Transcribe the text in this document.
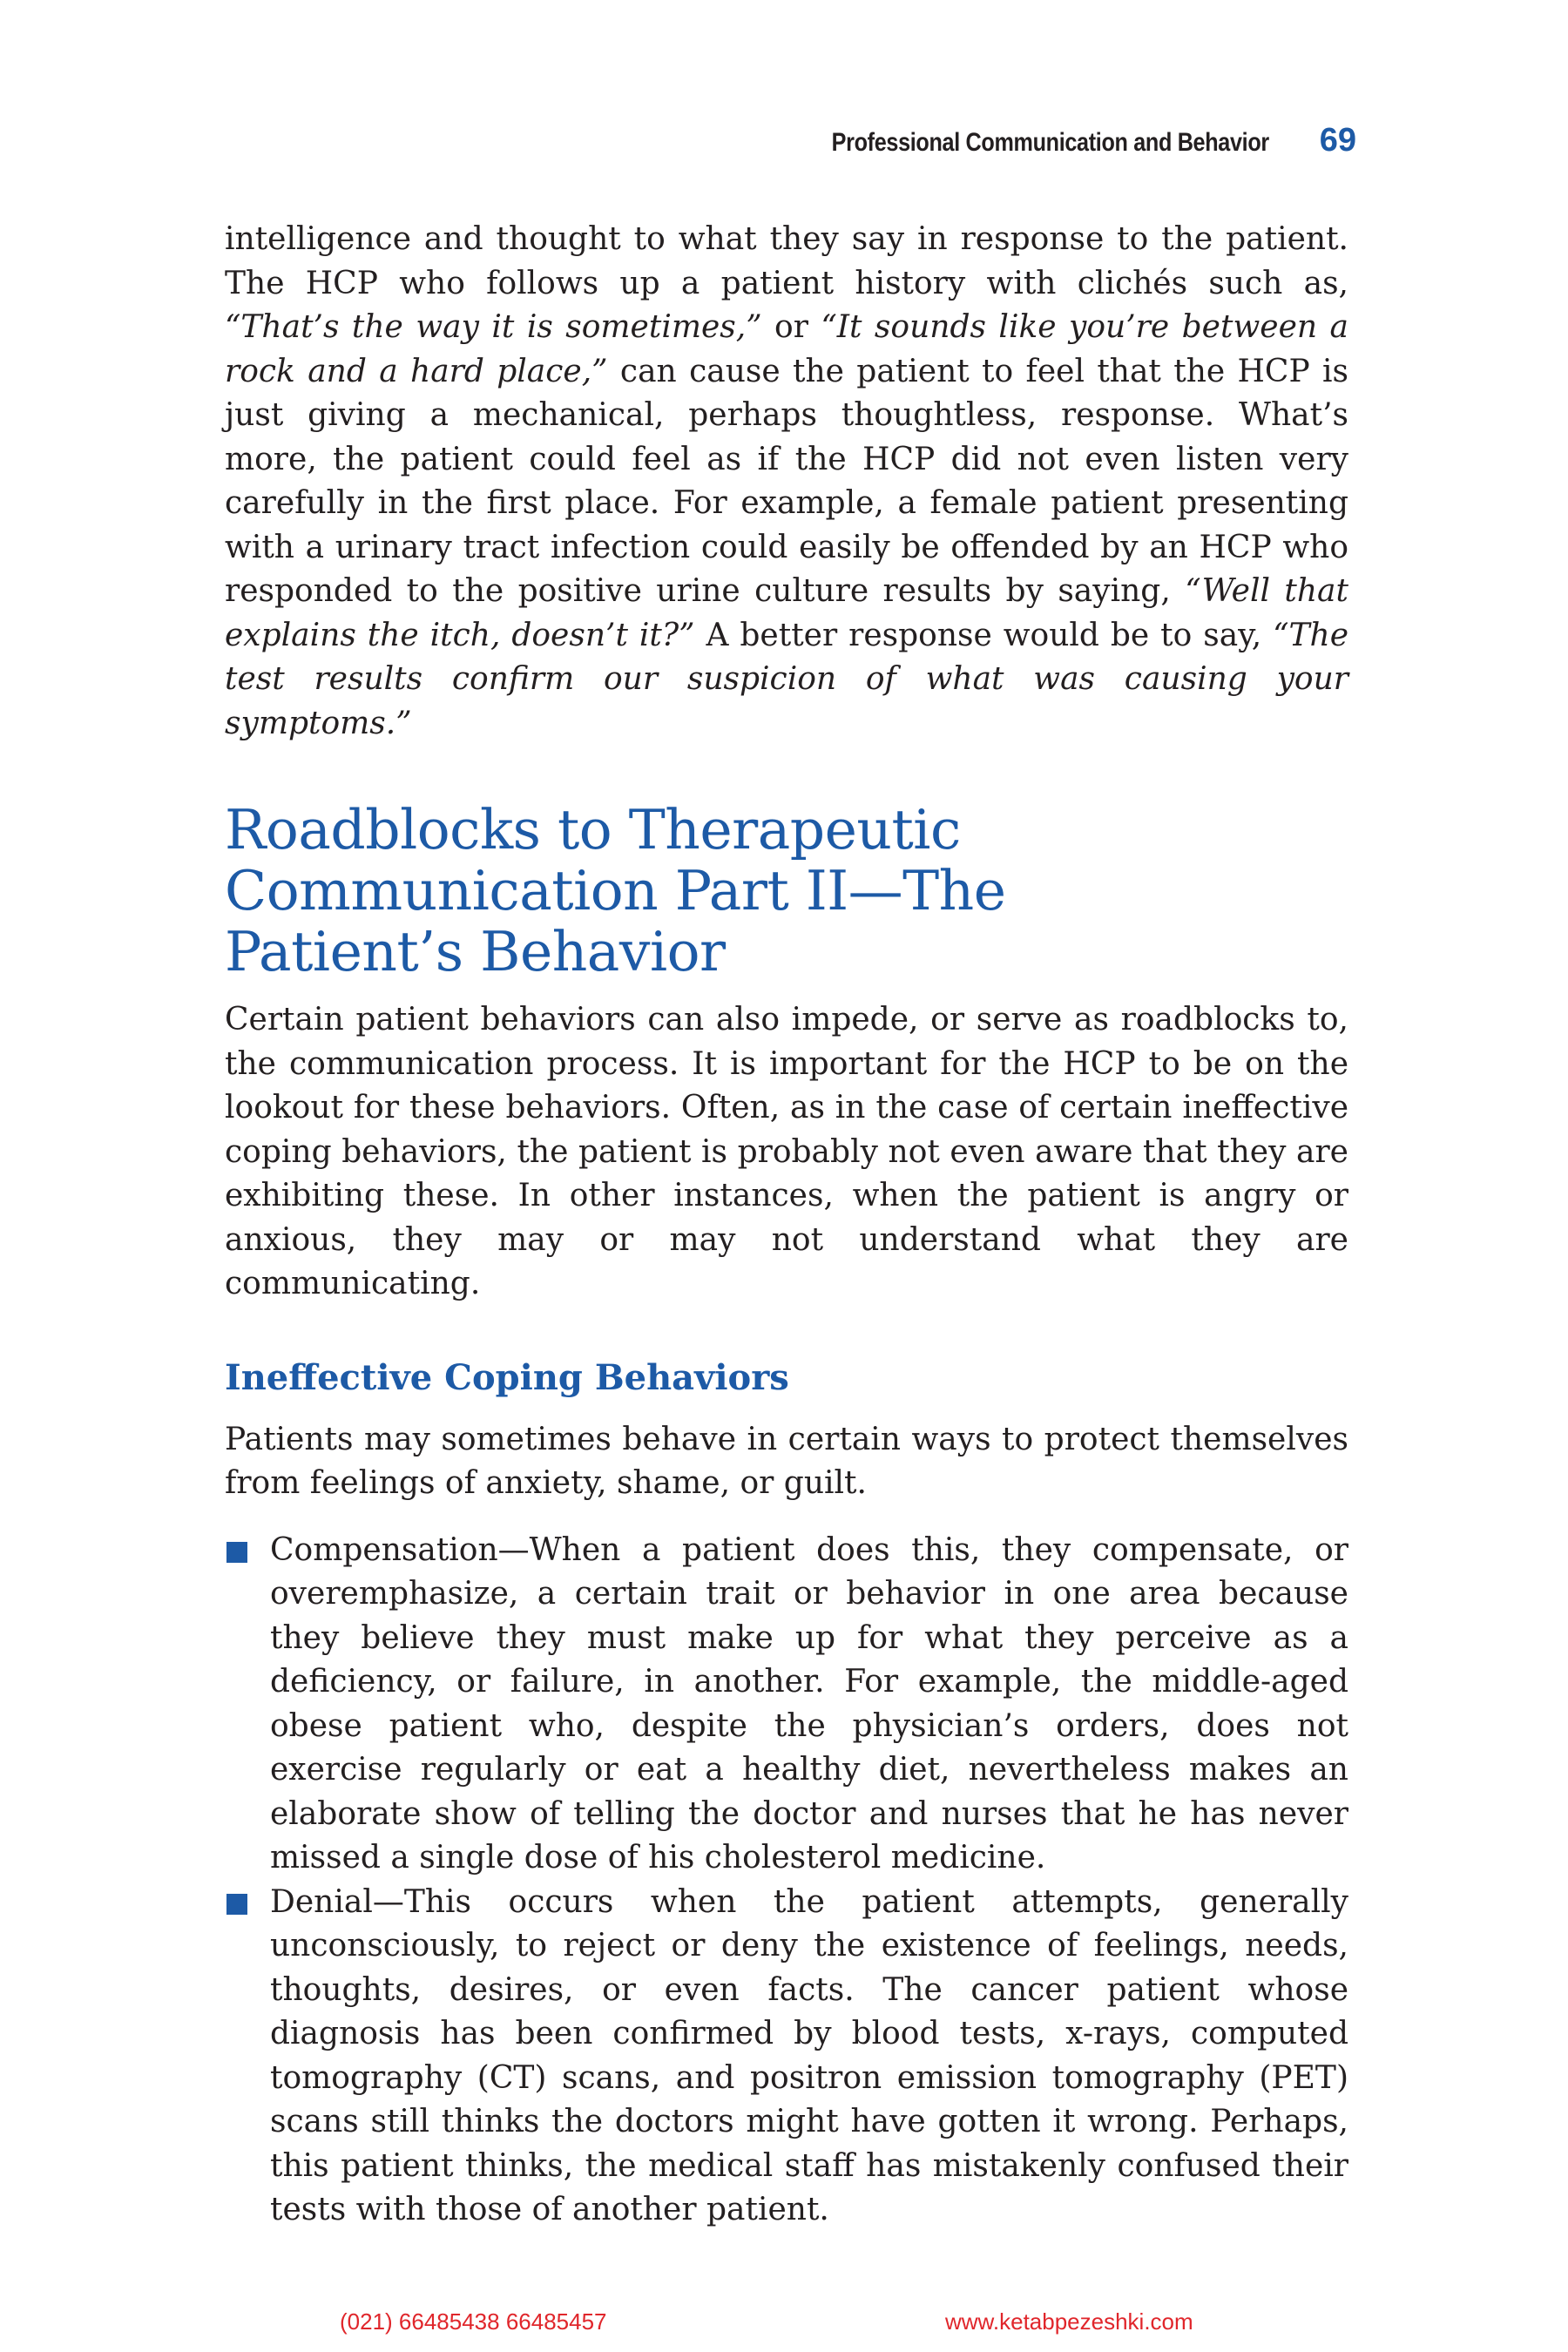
Professional Communication and Behavior 69

intelligence and thought to what they say in response to the patient. The HCP who follows up a patient history with clichés such as, “That’s the way it is sometimes,” or “It sounds like you’re between a rock and a hard place,” can cause the patient to feel that the HCP is just giving a mechanical, perhaps thoughtless, response. What’s more, the patient could feel as if the HCP did not even listen very carefully in the first place. For example, a female patient presenting with a urinary tract infection could easily be offended by an HCP who responded to the positive urine culture results by saying, “Well that explains the itch, doesn’t it?” A better response would be to say, “The test results confirm our suspicion of what was causing your symptoms.”

Roadblocks to Therapeutic
Communication Part II—The
Patient’s Behavior

Certain patient behaviors can also impede, or serve as roadblocks to, the communication process. It is important for the HCP to be on the lookout for these behaviors. Often, as in the case of certain ineffective coping behaviors, the patient is probably not even aware that they are exhibiting these. In other instances, when the patient is angry or anxious, they may or may not understand what they are communicating.

Ineffective Coping Behaviors

Patients may sometimes behave in certain ways to protect themselves from feelings of anxiety, shame, or guilt.

Compensation—When a patient does this, they compensate, or overemphasize, a certain trait or behavior in one area because they believe they must make up for what they perceive as a deficiency, or failure, in another. For example, the middle-aged obese patient who, despite the physician’s orders, does not exercise regularly or eat a healthy diet, nevertheless makes an elaborate show of telling the doctor and nurses that he has never missed a single dose of his cholesterol medicine.

Denial—This occurs when the patient attempts, generally unconsciously, to reject or deny the existence of feelings, needs, thoughts, desires, or even facts. The cancer patient whose diagnosis has been confirmed by blood tests, x-rays, computed tomography (CT) scans, and positron emission tomography (PET) scans still thinks the doctors might have gotten it wrong. Perhaps, this patient thinks, the medical staff has mistakenly confused their tests with those of another patient.

(021) 66485438 66485457	www.ketabpezeshki.com
